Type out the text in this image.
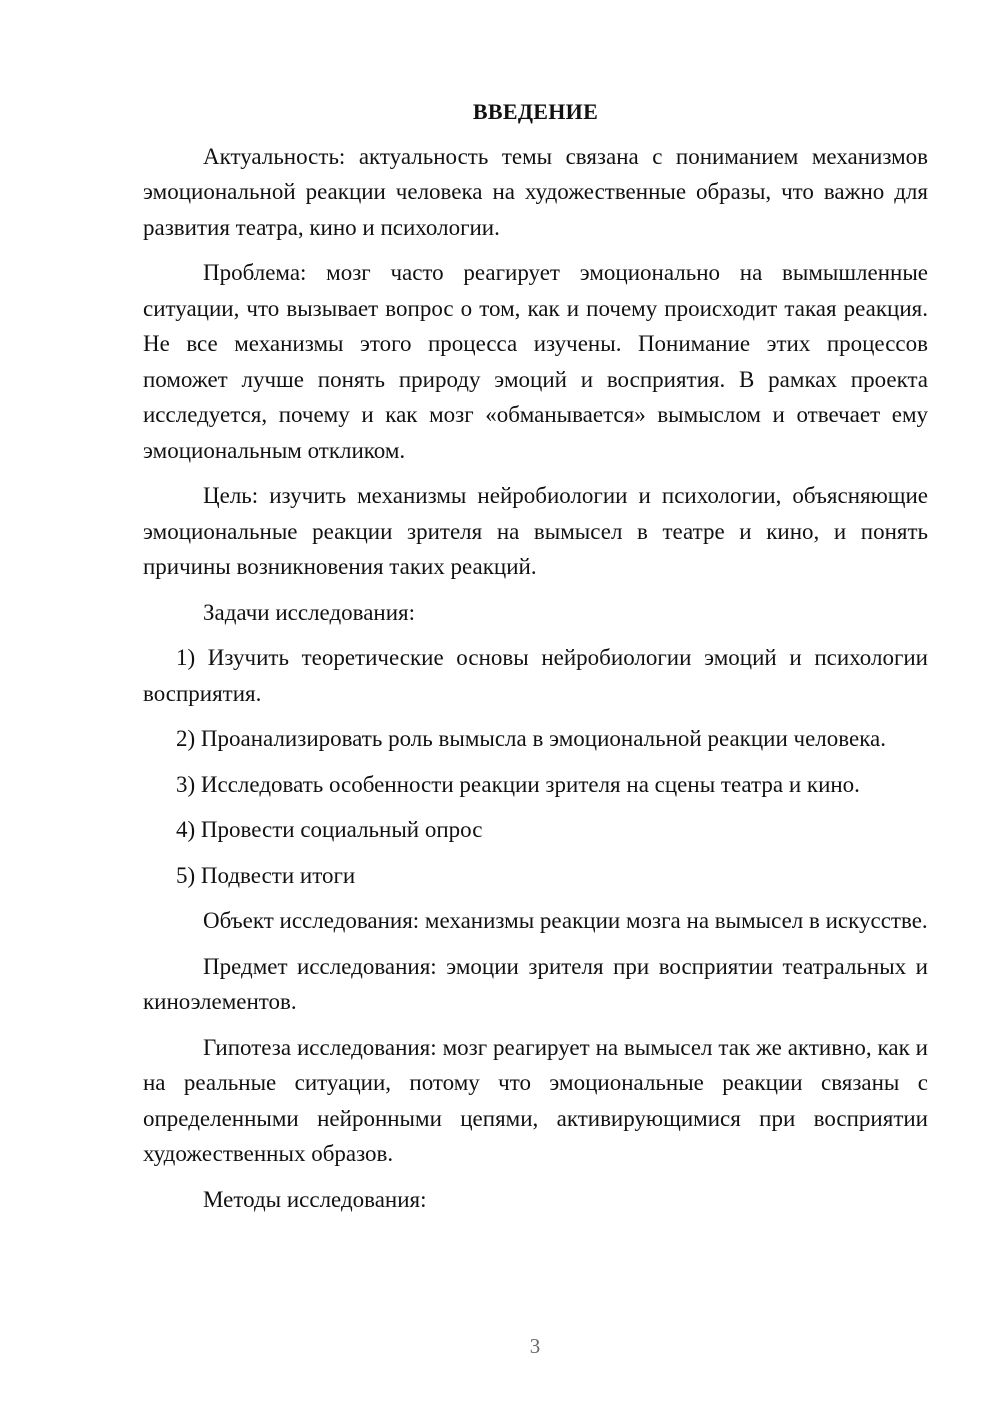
ВВЕДЕНИЕ

Актуальность: актуальность темы связана с пониманием механизмов эмоциональной реакции человека на художественные образы, что важно для развития театра, кино и психологии.

Проблема: мозг часто реагирует эмоционально на вымышленные ситуации, что вызывает вопрос о том, как и почему происходит такая реакция. Не все механизмы этого процесса изучены. Понимание этих процессов поможет лучше понять природу эмоций и восприятия. В рамках проекта исследуется, почему и как мозг «обманывается» вымыслом и отвечает ему эмоциональным откликом.

Цель: изучить механизмы нейробиологии и психологии, объясняющие эмоциональные реакции зрителя на вымысел в театре и кино, и понять причины возникновения таких реакций.

Задачи исследования:

1) Изучить теоретические основы нейробиологии эмоций и психологии восприятия.

2) Проанализировать роль вымысла в эмоциональной реакции человека.

3) Исследовать особенности реакции зрителя на сцены театра и кино.

4) Провести социальный опрос

5) Подвести итоги

Объект исследования: механизмы реакции мозга на вымысел в искусстве.

Предмет исследования: эмоции зрителя при восприятии театральных и киноэлементов.

Гипотеза исследования: мозг реагирует на вымысел так же активно, как и на реальные ситуации, потому что эмоциональные реакции связаны с определенными нейронными цепями, активирующимися при восприятии художественных образов.

Методы исследования:

3
